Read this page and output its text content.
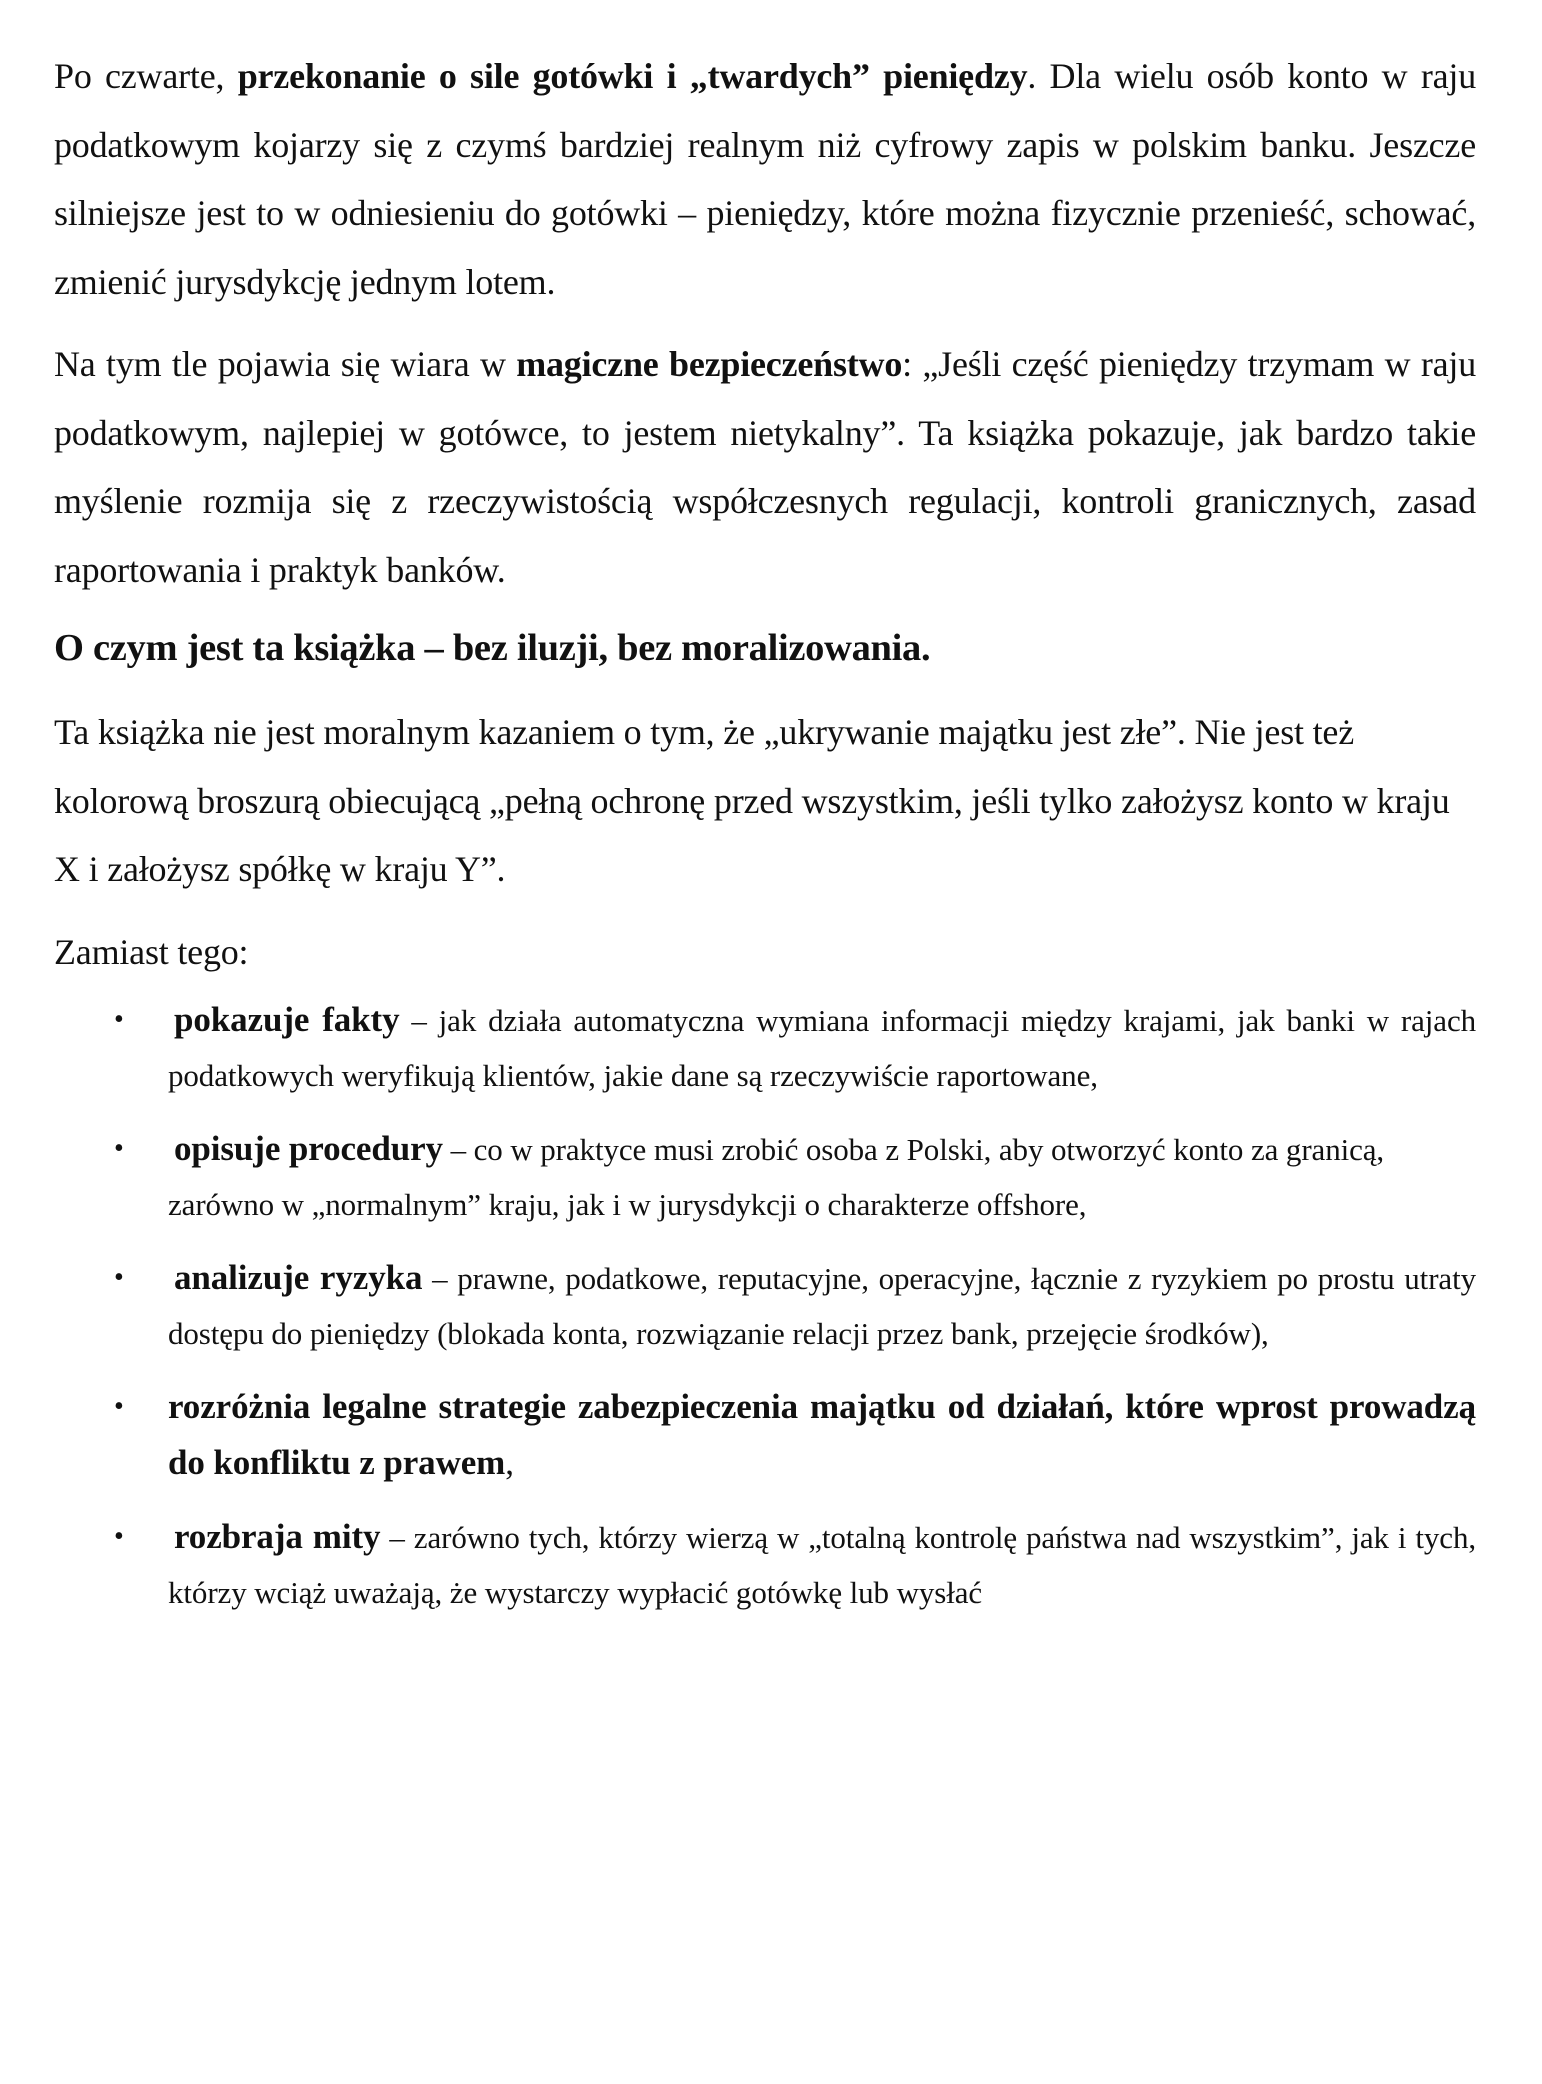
Po czwarte, przekonanie o sile gotówki i „twardych” pieniędzy. Dla wielu osób konto w raju podatkowym kojarzy się z czymś bardziej realnym niż cyfrowy zapis w polskim banku. Jeszcze silniejsze jest to w odniesieniu do gotówki – pieniędzy, które można fizycznie przenieść, schować, zmienić jurysdykcję jednym lotem.

Na tym tle pojawia się wiara w magiczne bezpieczeństwo: „Jeśli część pieniędzy trzymam w raju podatkowym, najlepiej w gotówce, to jestem nietykalny”. Ta książka pokazuje, jak bardzo takie myślenie rozmija się z rzeczywistością współczesnych regulacji, kontroli granicznych, zasad raportowania i praktyk banków.

O czym jest ta książka – bez iluzji, bez moralizowania.

Ta książka nie jest moralnym kazaniem o tym, że „ukrywanie majątku jest złe”. Nie jest też kolorową broszurą obiecującą „pełną ochronę przed wszystkim, jeśli tylko założysz konto w kraju X i założysz spółkę w kraju Y”.

Zamiast tego:

• pokazuje fakty – jak działa automatyczna wymiana informacji między krajami, jak banki w rajach podatkowych weryfikują klientów, jakie dane są rzeczywiście raportowane,
• opisuje procedury – co w praktyce musi zrobić osoba z Polski, aby otworzyć konto za granicą, zarówno w „normalnym” kraju, jak i w jurysdykcji o charakterze offshore,
• analizuje ryzyka – prawne, podatkowe, reputacyjne, operacyjne, łącznie z ryzykiem po prostu utraty dostępu do pieniędzy (blokada konta, rozwiązanie relacji przez bank, przejęcie środków),
• rozróżnia legalne strategie zabezpieczenia majątku od działań, które wprost prowadzą do konfliktu z prawem,
• rozbraja mity – zarówno tych, którzy wierzą w „totalną kontrolę państwa nad wszystkim”, jak i tych, którzy wciąż uważają, że wystarczy wypłacić gotówkę lub wysłać
